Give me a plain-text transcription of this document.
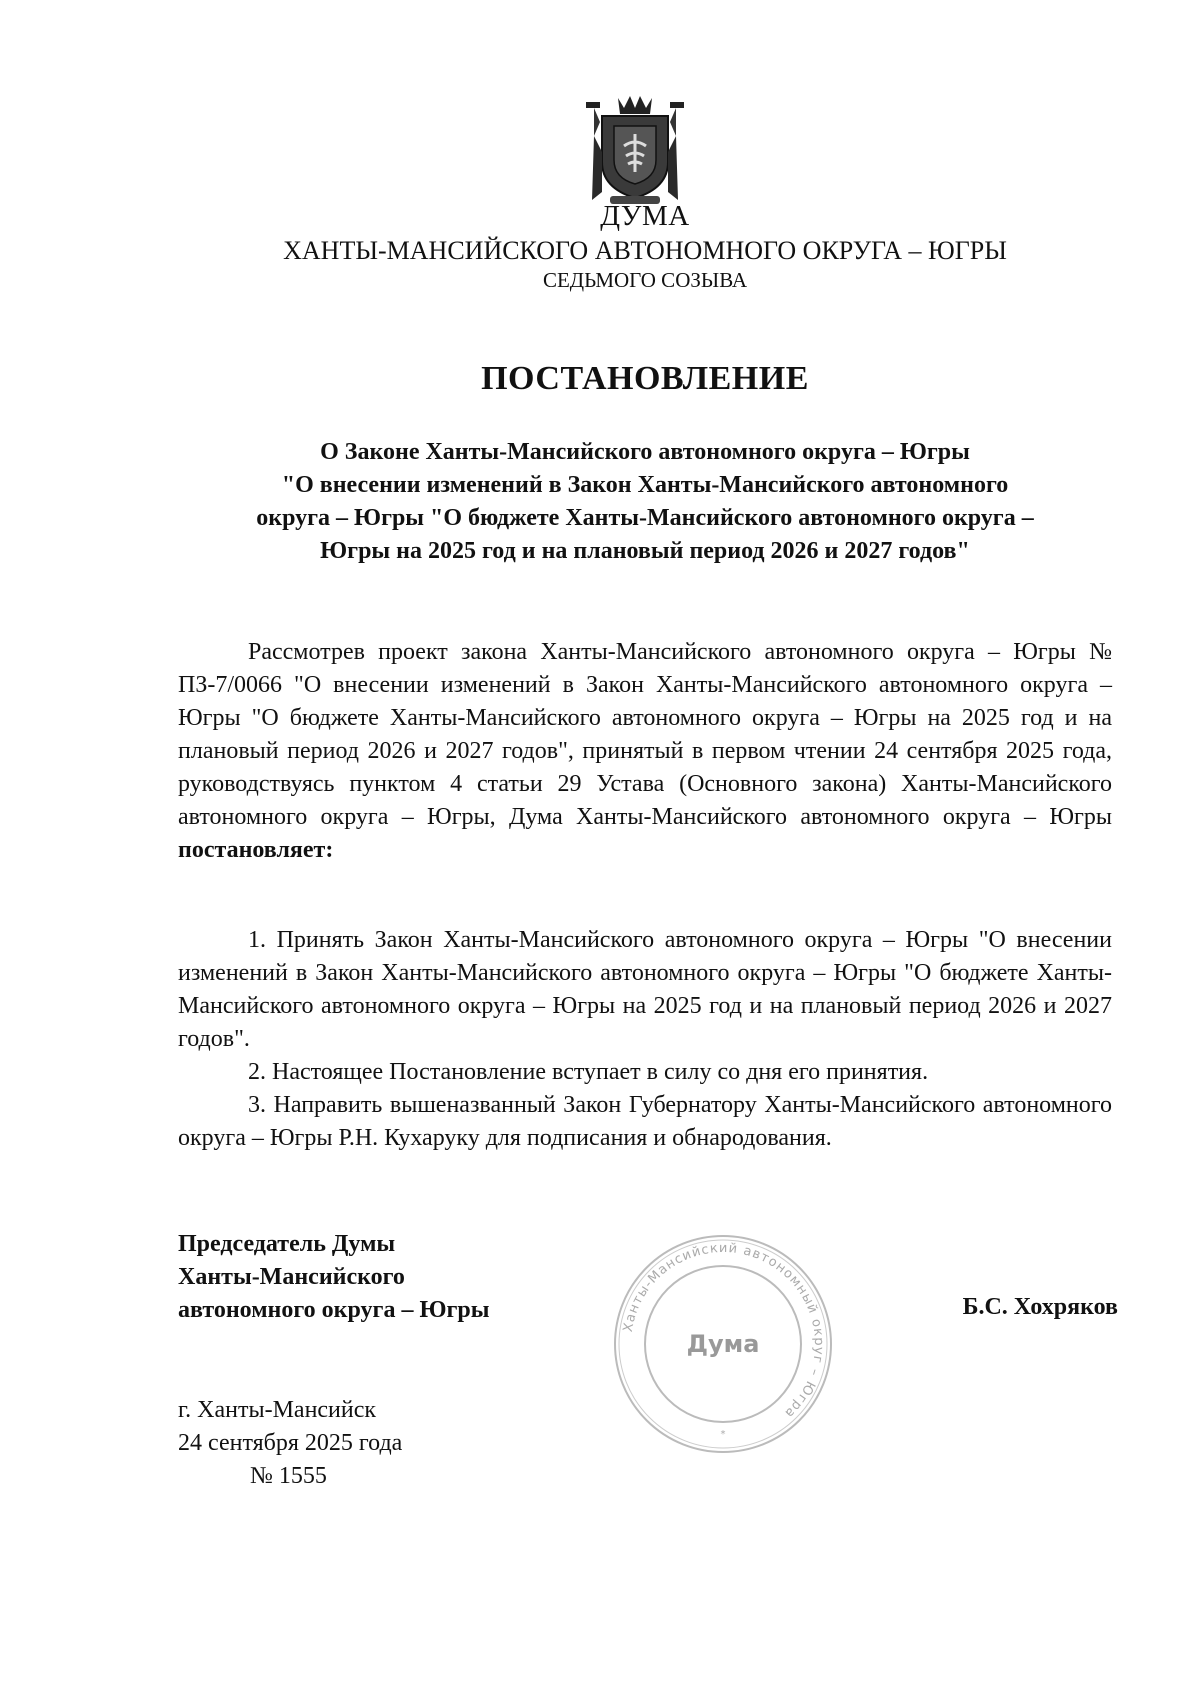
ДУМА
ХАНТЫ-МАНСИЙСКОГО АВТОНОМНОГО ОКРУГА – ЮГРЫ
СЕДЬМОГО СОЗЫВА
ПОСТАНОВЛЕНИЕ
О Законе Ханты-Мансийского автономного округа – Югры
"О внесении изменений в Закон Ханты-Мансийского автономного
округа – Югры "О бюджете Ханты-Мансийского автономного округа –
Югры на 2025 год и на плановый период 2026 и 2027 годов"
Рассмотрев проект закона Ханты-Мансийского автономного округа – Югры № ПЗ-7/0066 "О внесении изменений в Закон Ханты-Мансийского автономного округа – Югры "О бюджете Ханты-Мансийского автономного округа – Югры на 2025 год и на плановый период 2026 и 2027 годов", принятый в первом чтении 24 сентября 2025 года, руководствуясь пунктом 4 статьи 29 Устава (Основного закона) Ханты-Мансийского автономного округа – Югры, Дума Ханты-Мансийского автономного округа – Югры постановляет:
1. Принять Закон Ханты-Мансийского автономного округа – Югры "О внесении изменений в Закон Ханты-Мансийского автономного округа – Югры "О бюджете Ханты-Мансийского автономного округа – Югры на 2025 год и на плановый период 2026 и 2027 годов".
2. Настоящее Постановление вступает в силу со дня его принятия.
3. Направить вышеназванный Закон Губернатору Ханты-Мансийского автономного округа – Югры Р.Н. Кухаруку для подписания и обнародования.
Председатель Думы
Ханты-Мансийского
автономного округа – Югры	Б.С. Хохряков
Ханты-Мансийский автономный округ – Югра
Дума
*
г. Ханты-Мансийск
24 сентября 2025 года
№ 1555
